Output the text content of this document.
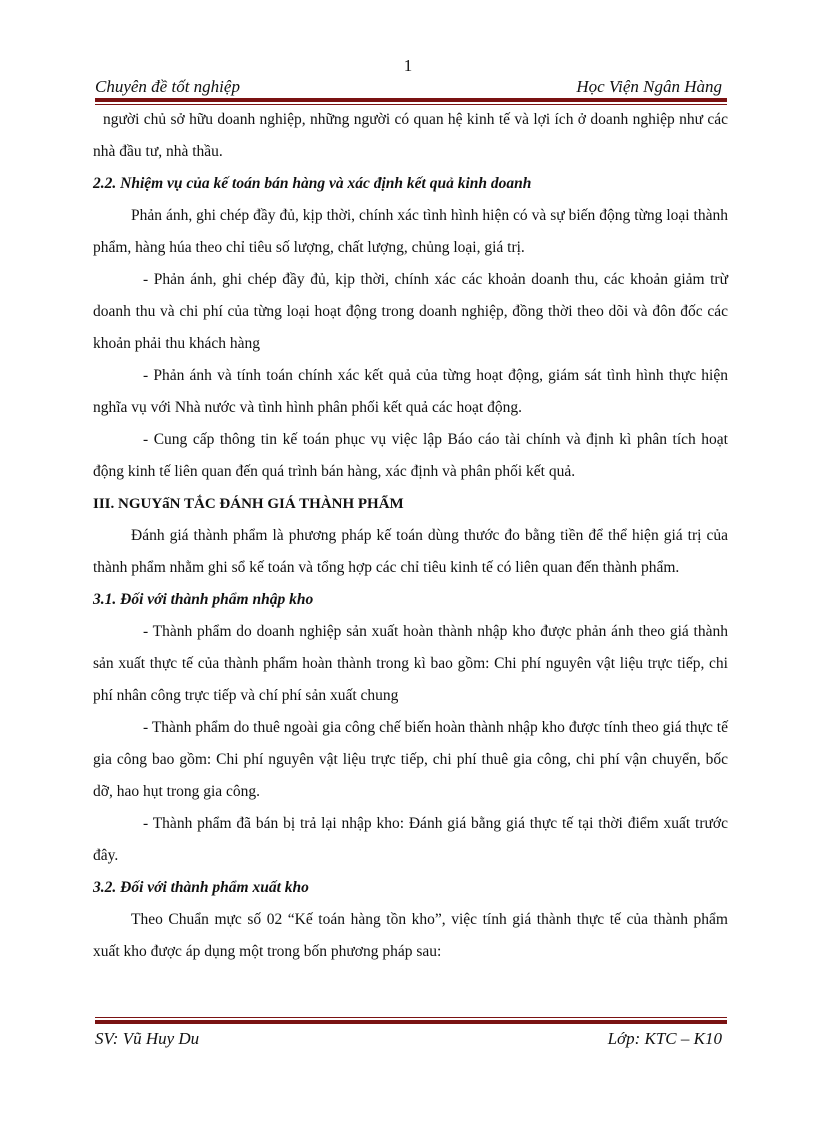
1
Chuyên đề tốt nghiệp	Học Viện Ngân Hàng

người chủ sở hữu doanh nghiệp, những người có quan hệ kinh tế và lợi ích ở doanh nghiệp như các nhà đầu tư, nhà thầu.

2.2. Nhiệm vụ của kế toán bán hàng và xác định kết quả kinh doanh

Phản ánh, ghi chép đầy đủ, kịp thời, chính xác tình hình hiện có và sự biến động từng loại thành phẩm, hàng húa theo chỉ tiêu số lượng, chất lượng, chủng loại, giá trị.

- Phản ánh, ghi chép đầy đủ, kịp thời, chính xác các khoản doanh thu, các khoản giảm trừ doanh thu và chi phí của từng loại hoạt động trong doanh nghiệp, đồng thời theo dõi và đôn đốc các khoản phải thu khách hàng

- Phản ánh và tính toán chính xác kết quả của từng hoạt động, giám sát tình hình thực hiện nghĩa vụ với Nhà nước và tình hình phân phối kết quả các hoạt động.

- Cung cấp thông tin kế toán phục vụ việc lập Báo cáo tài chính và định kì phân tích hoạt động kinh tế liên quan đến quá trình bán hàng, xác định và phân phối kết quả.

III. NGUYấN TẮC ĐÁNH GIÁ THÀNH PHẨM

Đánh giá thành phẩm là phương pháp kế toán dùng thước đo bằng tiền để thể hiện giá trị của thành phẩm nhằm ghi sổ kế toán và tổng hợp các chỉ tiêu kinh tế có liên quan đến thành phẩm.

3.1. Đối với thành phẩm nhập kho

- Thành phẩm do doanh nghiệp sản xuất hoàn thành nhập kho được phản ánh theo giá thành sản xuất thực tế của thành phẩm hoàn thành trong kì bao gồm: Chi phí nguyên vật liệu trực tiếp, chi phí nhân công trực tiếp và chí phí sản xuất chung

- Thành phẩm do thuê ngoài gia công chế biến hoàn thành nhập kho được tính theo giá thực tế gia công bao gồm: Chi phí nguyên vật liệu trực tiếp, chi phí thuê gia công, chi phí vận chuyển, bốc dỡ, hao hụt trong gia công.

- Thành phẩm đã bán bị trả lại nhập kho: Đánh giá bằng giá thực tế tại thời điểm xuất trước đây.

3.2. Đối với thành phẩm xuất kho

Theo Chuẩn mực số 02 “Kế toán hàng tồn kho”, việc tính giá thành thực tế của thành phẩm xuất kho được áp dụng một trong bốn phương pháp sau:

SV: Vũ Huy Du	Lớp: KTC – K10
